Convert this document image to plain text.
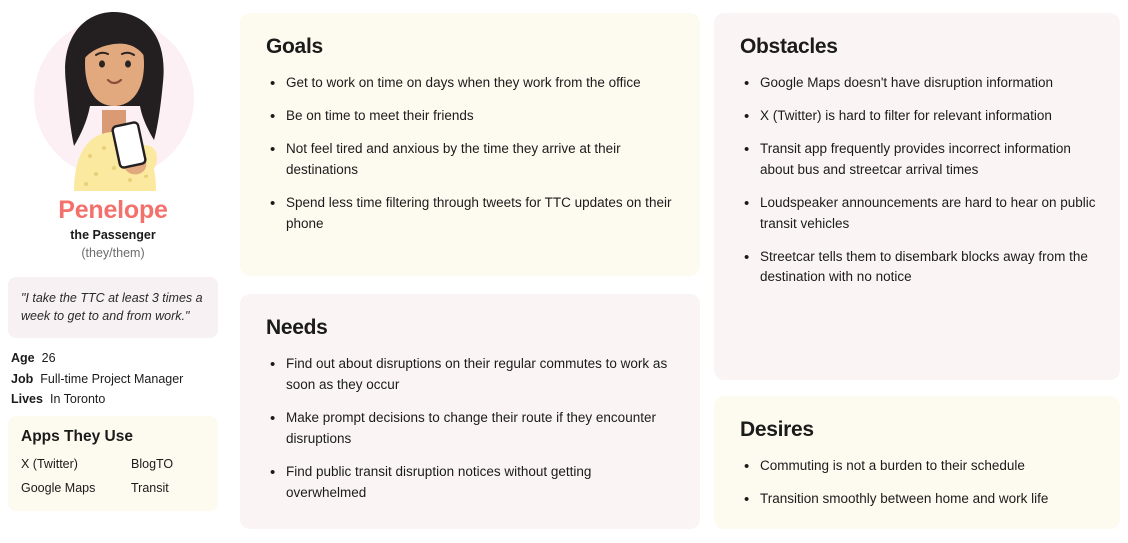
Penelope
the Passenger
(they/them)
"I take the TTC at least 3 times a week to get to and from work."
Age 26
Job Full-time Project Manager
Lives In Toronto
Apps They Use
X (Twitter)	BlogTO
Google Maps	Transit
Goals
• Get to work on time on days when they work from the office
• Be on time to meet their friends
• Not feel tired and anxious by the time they arrive at their destinations
• Spend less time filtering through tweets for TTC updates on their phone
Needs
• Find out about disruptions on their regular commutes to work as soon as they occur
• Make prompt decisions to change their route if they encounter disruptions
• Find public transit disruption notices without getting overwhelmed
Obstacles
• Google Maps doesn't have disruption information
• X (Twitter) is hard to filter for relevant information
• Transit app frequently provides incorrect information about bus and streetcar arrival times
• Loudspeaker announcements are hard to hear on public transit vehicles
• Streetcar tells them to disembark blocks away from the destination with no notice
Desires
• Commuting is not a burden to their schedule
• Transition smoothly between home and work life
